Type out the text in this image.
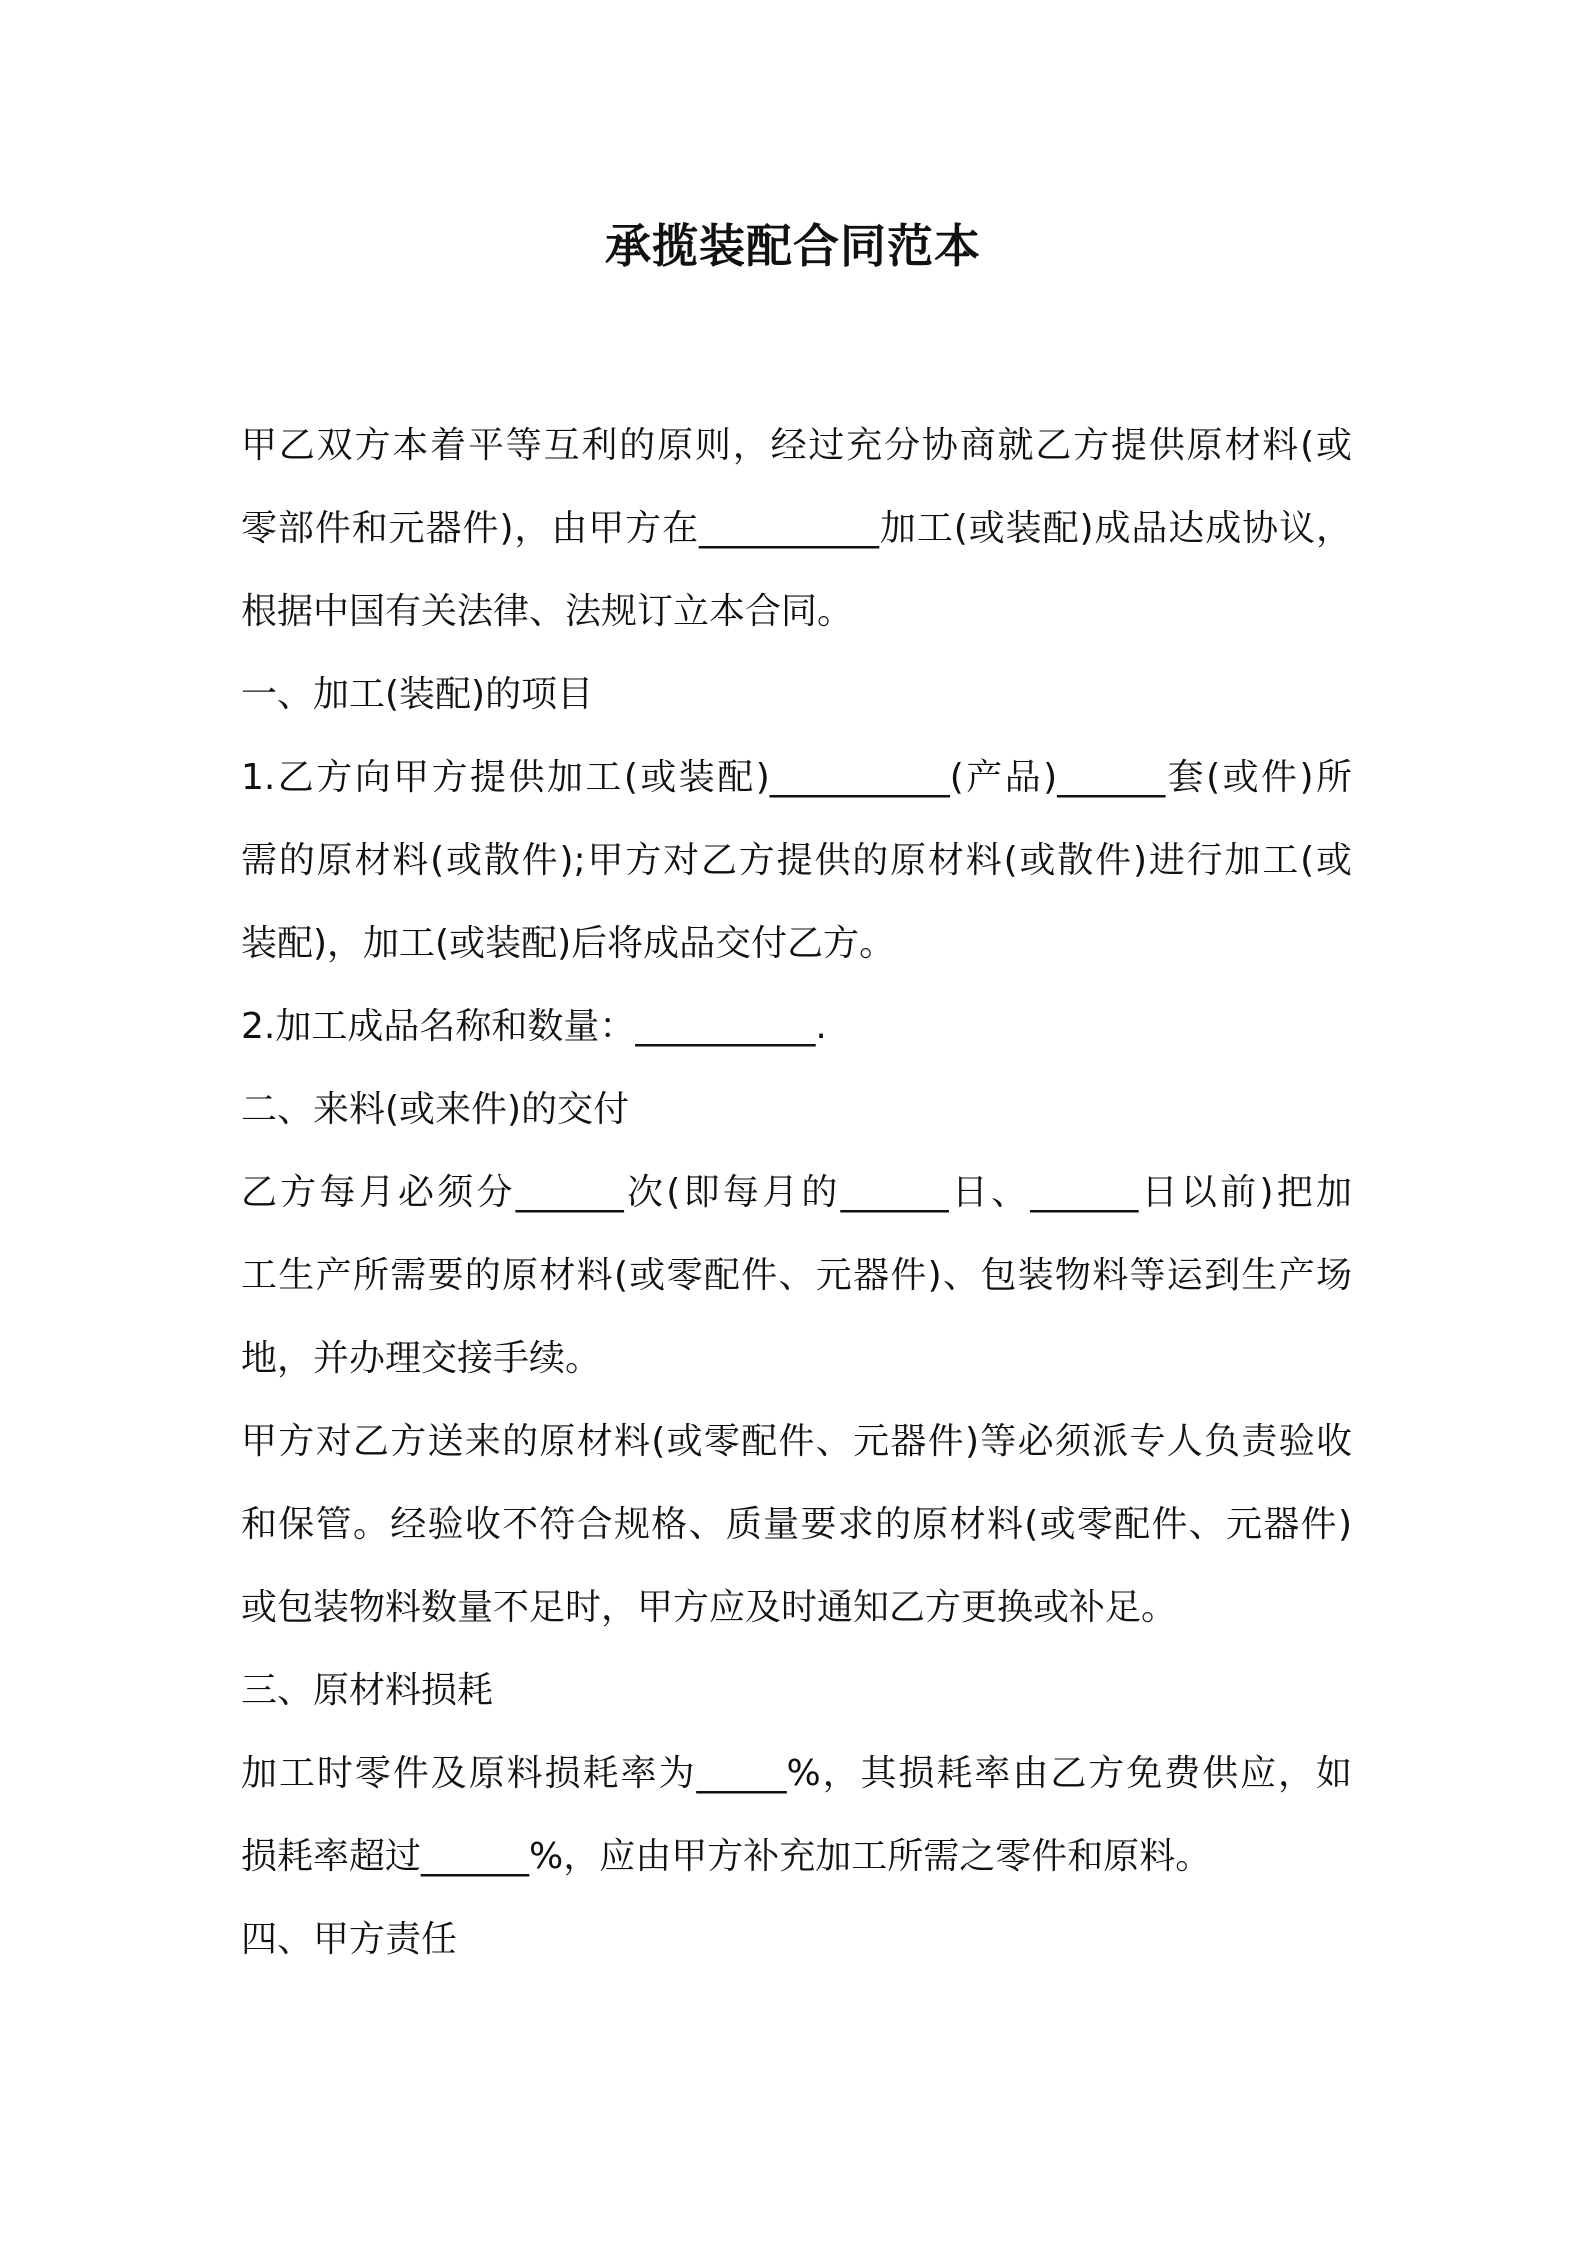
承揽装配合同范本
甲乙双方本着平等互利的原则，经过充分协商就乙方提供原材料(或
零部件和元器件)，由甲方在__________加工(或装配)成品达成协议，
根据中国有关法律、法规订立本合同。
一、加工(装配)的项目
1.乙方向甲方提供加工(或装配)__________(产品)______套(或件)所
需的原材料(或散件);甲方对乙方提供的原材料(或散件)进行加工(或
装配)，加工(或装配)后将成品交付乙方。
2.加工成品名称和数量：__________.
二、来料(或来件)的交付
乙方每月必须分______次(即每月的______日、______日以前)把加
工生产所需要的原材料(或零配件、元器件)、包装物料等运到生产场
地，并办理交接手续。
甲方对乙方送来的原材料(或零配件、元器件)等必须派专人负责验收
和保管。经验收不符合规格、质量要求的原材料(或零配件、元器件)
或包装物料数量不足时，甲方应及时通知乙方更换或补足。
三、原材料损耗
加工时零件及原料损耗率为_____%，其损耗率由乙方免费供应，如
损耗率超过______%，应由甲方补充加工所需之零件和原料。
四、甲方责任
